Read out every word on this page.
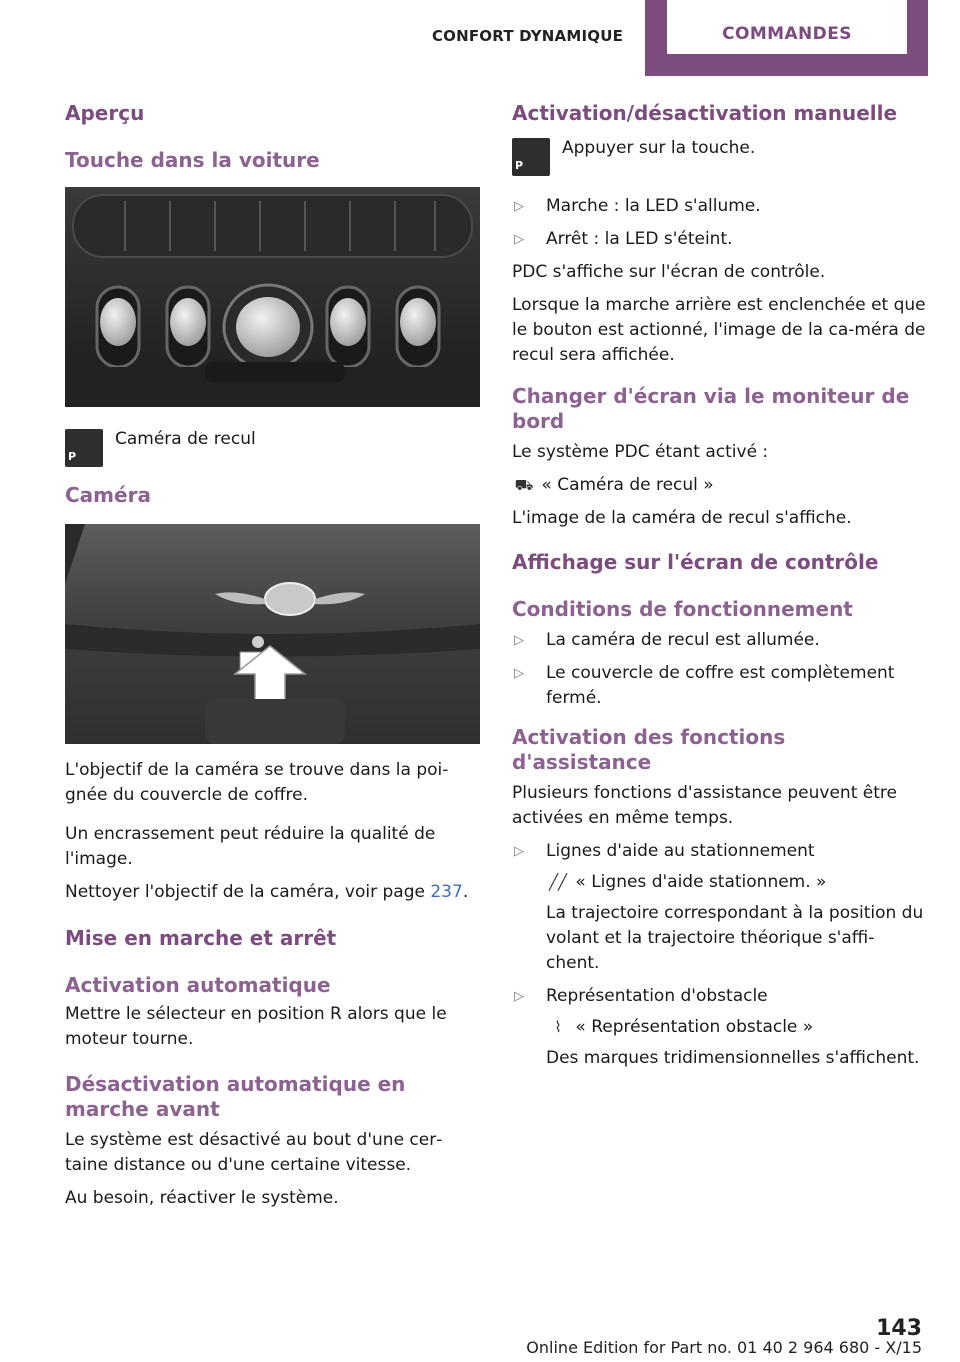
CONFORT DYNAMIQUE	COMMANDES
Aperçu
Touche dans la voiture
P
Caméra de recul
Caméra
L'objectif de la caméra se trouve dans la poi‐gnée du couvercle de coffre.
Un encrassement peut réduire la qualité de l'image.
Nettoyer l'objectif de la caméra, voir page 237.
Mise en marche et arrêt
Activation automatique
Mettre le sélecteur en position R alors que le moteur tourne.
Désactivation automatique en marche avant
Le système est désactivé au bout d'une cer‐taine distance ou d'une certaine vitesse.
Au besoin, réactiver le système.
Activation/désactivation manuelle
P
Appuyer sur la touche.
▷ Marche : la LED s'allume.
▷ Arrêt : la LED s'éteint.
PDC s'affiche sur l'écran de contrôle.
Lorsque la marche arrière est enclenchée et que le bouton est actionné, l'image de la ca‐méra de recul sera affichée.
Changer d'écran via le moniteur de bord
Le système PDC étant activé :
⛟ « Caméra de recul »
L'image de la caméra de recul s'affiche.
Affichage sur l'écran de contrôle
Conditions de fonctionnement
▷ La caméra de recul est allumée.
▷ Le couvercle de coffre est complètement fermé.
Activation des fonctions d'assistance
Plusieurs fonctions d'assistance peuvent être activées en même temps.
▷ Lignes d'aide au stationnement
╱╱ « Lignes d'aide stationnem. »
La trajectoire correspondant à la position du volant et la trajectoire théorique s'affi‐chent.
▷ Représentation d'obstacle
⌇ « Représentation obstacle »
Des marques tridimensionnelles s'affichent.
143
Online Edition for Part no. 01 40 2 964 680 - X/15
